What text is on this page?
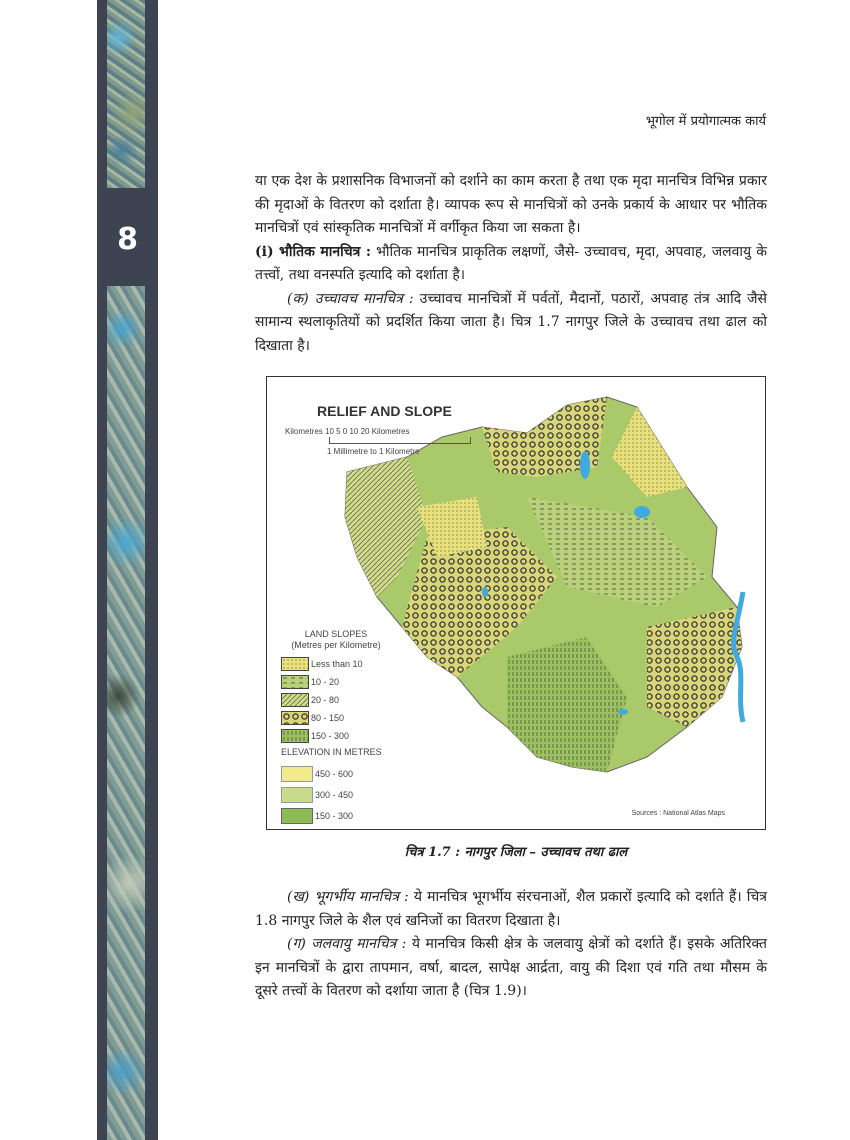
8
भूगोल में प्रयोगात्मक कार्य
या एक देश के प्रशासनिक विभाजनों को दर्शाने का काम करता है तथा एक मृदा मानचित्र विभिन्न प्रकार की मृदाओं के वितरण को दर्शाता है। व्यापक रूप से मानचित्रों को उनके प्रकार्य के आधार पर भौतिक मानचित्रों एवं सांस्कृतिक मानचित्रों में वर्गीकृत किया जा सकता है।
(i) भौतिक मानचित्र : भौतिक मानचित्र प्राकृतिक लक्षणों, जैसे- उच्चावच, मृदा, अपवाह, जलवायु के तत्त्वों, तथा वनस्पति इत्यादि को दर्शाता है।
(क) उच्चावच मानचित्र : उच्चावच मानचित्रों में पर्वतों, मैदानों, पठारों, अपवाह तंत्र आदि जैसे सामान्य स्थलाकृतियों को प्रदर्शित किया जाता है। चित्र 1.7 नागपुर जिले के उच्चावच तथा ढाल को दिखाता है।
RELIEF AND SLOPE
Kilometres 10 5 0 10 20 Kilometres
1 Millimetre to 1 Kilometre
LAND SLOPES
(Metres per Kilometre)
Less than 10
10 - 20
20 - 80
80 - 150
150 - 300
ELEVATION IN METRES
450 - 600
300 - 450
150 - 300	Sources : National Atlas Maps
चित्र 1.7 : नागपुर जिला – उच्चावच तथा ढाल
(ख) भूगर्भीय मानचित्र : ये मानचित्र भूगर्भीय संरचनाओं, शैल प्रकारों इत्यादि को दर्शाते हैं। चित्र 1.8 नागपुर जिले के शैल एवं खनिजों का वितरण दिखाता है।
(ग) जलवायु मानचित्र : ये मानचित्र किसी क्षेत्र के जलवायु क्षेत्रों को दर्शाते हैं। इसके अतिरिक्त इन मानचित्रों के द्वारा तापमान, वर्षा, बादल, सापेक्ष आर्द्रता, वायु की दिशा एवं गति तथा मौसम के दूसरे तत्त्वों के वितरण को दर्शाया जाता है (चित्र 1.9)।
